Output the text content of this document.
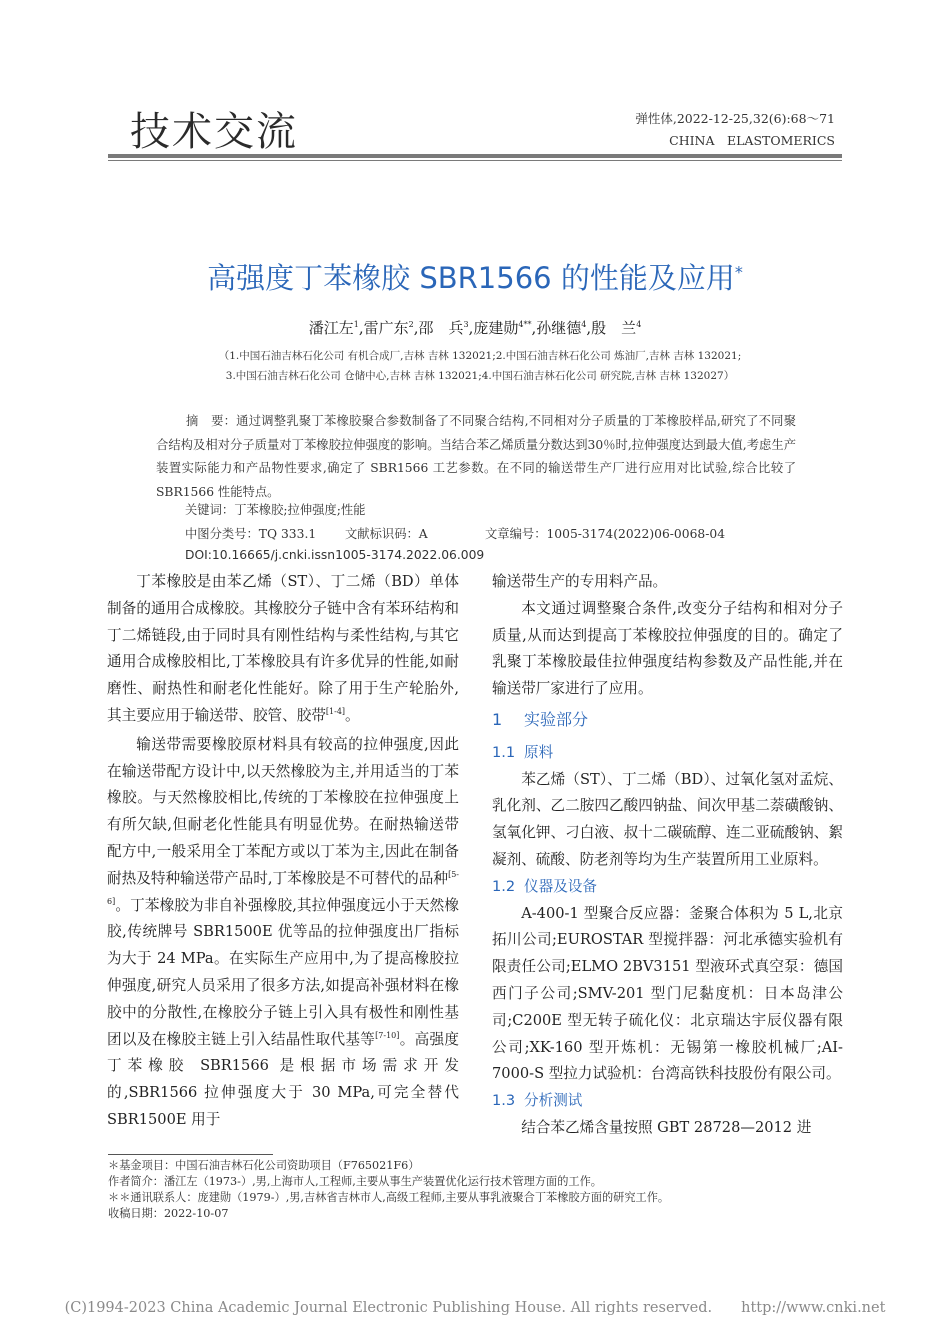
技术交流	弹性体,2022-12-25,32(6):68～71
CHINA　ELASTOMERICS
高强度丁苯橡胶 SBR1566 的性能及应用*
潘江左$^1$,雷广东$^2$,邵　兵$^3$,庞建勋$^{4**}$,孙继德$^4$,殷　兰$^4$
（1.中国石油吉林石化公司 有机合成厂,吉林 吉林 132021;2.中国石油吉林石化公司 炼油厂,吉林 吉林 132021;
3.中国石油吉林石化公司 仓储中心,吉林 吉林 132021;4.中国石油吉林石化公司 研究院,吉林 吉林 132027）
摘　要：通过调整乳聚丁苯橡胶聚合参数制备了不同聚合结构,不同相对分子质量的丁苯橡胶样品,研究了不同聚合结构及相对分子质量对丁苯橡胶拉伸强度的影响。当结合苯乙烯质量分数达到30％时,拉伸强度达到最大值,考虑生产装置实际能力和产品物性要求,确定了 SBR1566 工艺参数。在不同的输送带生产厂进行应用对比试验,综合比较了 SBR1566 性能特点。
关键词：丁苯橡胶;拉伸强度;性能
中图分类号：TQ 333.1 文献标识码：A	文章编号：1005-3174(2022)06-0068-04
DOI:10.16665/j.cnki.issn1005-3174.2022.06.009

丁苯橡胶是由苯乙烯（ST）、丁二烯（BD）单体制备的通用合成橡胶。其橡胶分子链中含有苯环结构和丁二烯链段,由于同时具有刚性结构与柔性结构,与其它通用合成橡胶相比,丁苯橡胶具有许多优异的性能,如耐磨性、耐热性和耐老化性能好。除了用于生产轮胎外,其主要应用于输送带、胶管、胶带[1-4]。

输送带需要橡胶原材料具有较高的拉伸强度,因此在输送带配方设计中,以天然橡胶为主,并用适当的丁苯橡胶。与天然橡胶相比,传统的丁苯橡胶在拉伸强度上有所欠缺,但耐老化性能具有明显优势。在耐热输送带配方中,一般采用全丁苯配方或以丁苯为主,因此在制备耐热及特种输送带产品时,丁苯橡胶是不可替代的品种[5-6]。丁苯橡胶为非自补强橡胶,其拉伸强度远小于天然橡胶,传统牌号 SBR1500E 优等品的拉伸强度出厂指标为大于 24 MPa。在实际生产应用中,为了提高橡胶拉伸强度,研究人员采用了很多方法,如提高补强材料在橡胶中的分散性,在橡胶分子链上引入具有极性和刚性基团以及在橡胶主链上引入结晶性取代基等[7-10]。高强度丁苯橡胶 SBR1566 是根据市场需求开发的,SBR1566 拉伸强度大于 30 MPa,可完全替代 SBR1500E 用于

输送带生产的专用料产品。

本文通过调整聚合条件,改变分子结构和相对分子质量,从而达到提高丁苯橡胶拉伸强度的目的。确定了乳聚丁苯橡胶最佳拉伸强度结构参数及产品性能,并在输送带厂家进行了应用。

1 实验部分

1.1 原料

苯乙烯（ST）、丁二烯（BD）、过氧化氢对孟烷、乳化剂、乙二胺四乙酸四钠盐、间次甲基二萘磺酸钠、氢氧化钾、刁白液、叔十二碳硫醇、连二亚硫酸钠、絮凝剂、硫酸、防老剂等均为生产装置所用工业原料。

1.2 仪器及设备

A-400-1 型聚合反应器：釜聚合体积为 5 L,北京拓川公司;EUROSTAR 型搅拌器：河北承德实验机有限责任公司;ELMO 2BV3151 型液环式真空泵：德国西门子公司;SMV-201 型门尼黏度机：日本岛津公司;C200E 型无转子硫化仪：北京瑞达宇辰仪器有限公司;XK-160 型开炼机：无锡第一橡胶机械厂;AI-7000-S 型拉力试验机：台湾高铁科技股份有限公司。

1.3 分析测试

结合苯乙烯含量按照 GBT 28728—2012 进

＊基金项目：中国石油吉林石化公司资助项目（F765021F6）
作者简介：潘江左（1973-）,男,上海市人,工程师,主要从事生产装置优化运行技术管理方面的工作。
＊＊通讯联系人：庞建勋（1979-）,男,吉林省吉林市人,高级工程师,主要从事乳液聚合丁苯橡胶方面的研究工作。
收稿日期：2022-10-07
(C)1994-2023 China Academic Journal Electronic Publishing House. All rights reserved.　　http://www.cnki.net
